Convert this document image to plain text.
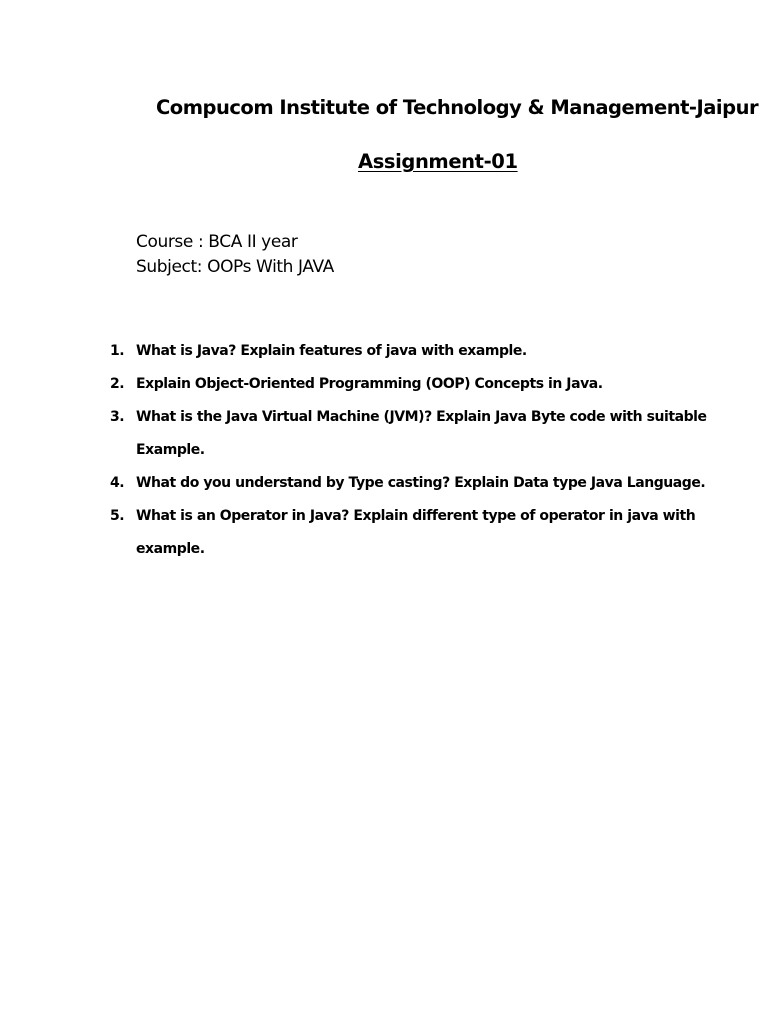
Compucom Institute of Technology & Management-Jaipur
Assignment-01
Course : BCA II year
Subject: OOPs With JAVA
1. What is Java? Explain features of java with example.
2. Explain Object-Oriented Programming (OOP) Concepts in Java.
3. What is the Java Virtual Machine (JVM)? Explain Java Byte code with suitable Example.
4. What do you understand by Type casting? Explain Data type Java Language.
5. What is an Operator in Java? Explain different type of operator in java with example.
